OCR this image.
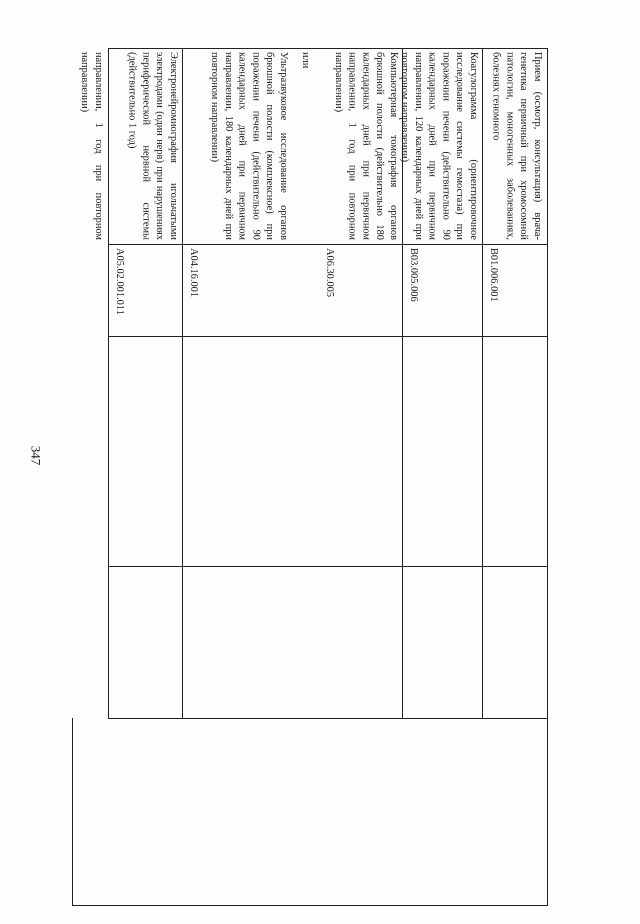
347
направлении, 1 год при повторном направлении)	Электронейромиография игольчатыми электродами (один нерв) при нарушениях периферической нервной системы (действительно 1 год)
A05.02.001.011
Ультразвуковое исследование органов брюшной полости (комплексное) при поражении печени (действительно 90 календарных дней при первичном направлении, 180 календарных дней при повторном направлении)
A04.16.001
или	Компьютерная томография органов брюшной полости (действительно 180 календарных дней при первичном направлении, 1 год при повторном направлении)
A06.30.005
Коагулограмма (ориентировочное исследование системы гемостаза) при поражении печени (действительно 90 календарных дней при первичном направлении, 120 календарных дней при повторном направлении)
B03.005.006
Прием (осмотр, консультация) врача-генетика первичный при хромосомной патологии, моногенных заболеваниях, болезнях геномного
B01.006.001
